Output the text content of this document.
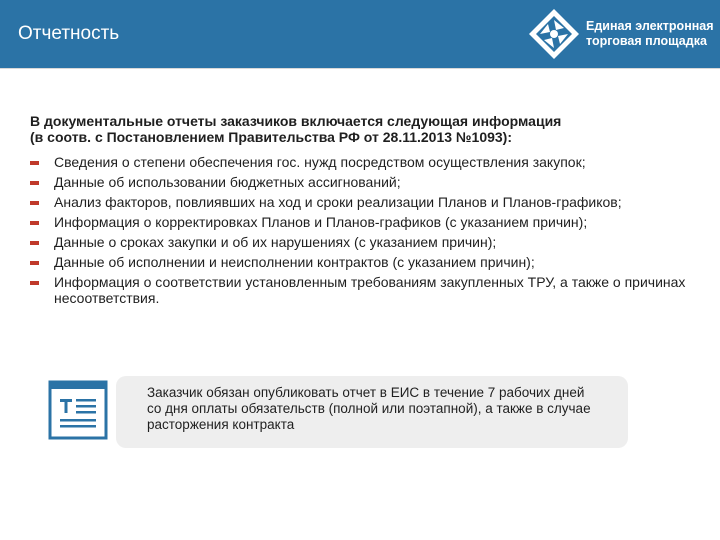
Отчетность	Единая электронная
торговая площадка
В документальные отчеты заказчиков включается следующая информация
(в соотв. с Постановлением Правительства РФ от 28.11.2013 №1093):
Сведения о степени обеспечения гос. нужд посредством осуществления закупок;
Данные об использовании бюджетных ассигнований;
Анализ факторов, повлиявших на ход и сроки реализации Планов и Планов-графиков;
Информация о корректировках Планов и Планов-графиков (с указанием причин);
Данные о сроках закупки и об их нарушениях (с указанием причин);
Данные об исполнении и неисполнении контрактов (с указанием причин);
Информация о соответствии установленным требованиям закупленных ТРУ, а также о причинах несоответствия.
Заказчик обязан опубликовать отчет в ЕИС в течение 7 рабочих дней со дня оплаты обязательств (полной или поэтапной), а также в случае расторжения контракта
